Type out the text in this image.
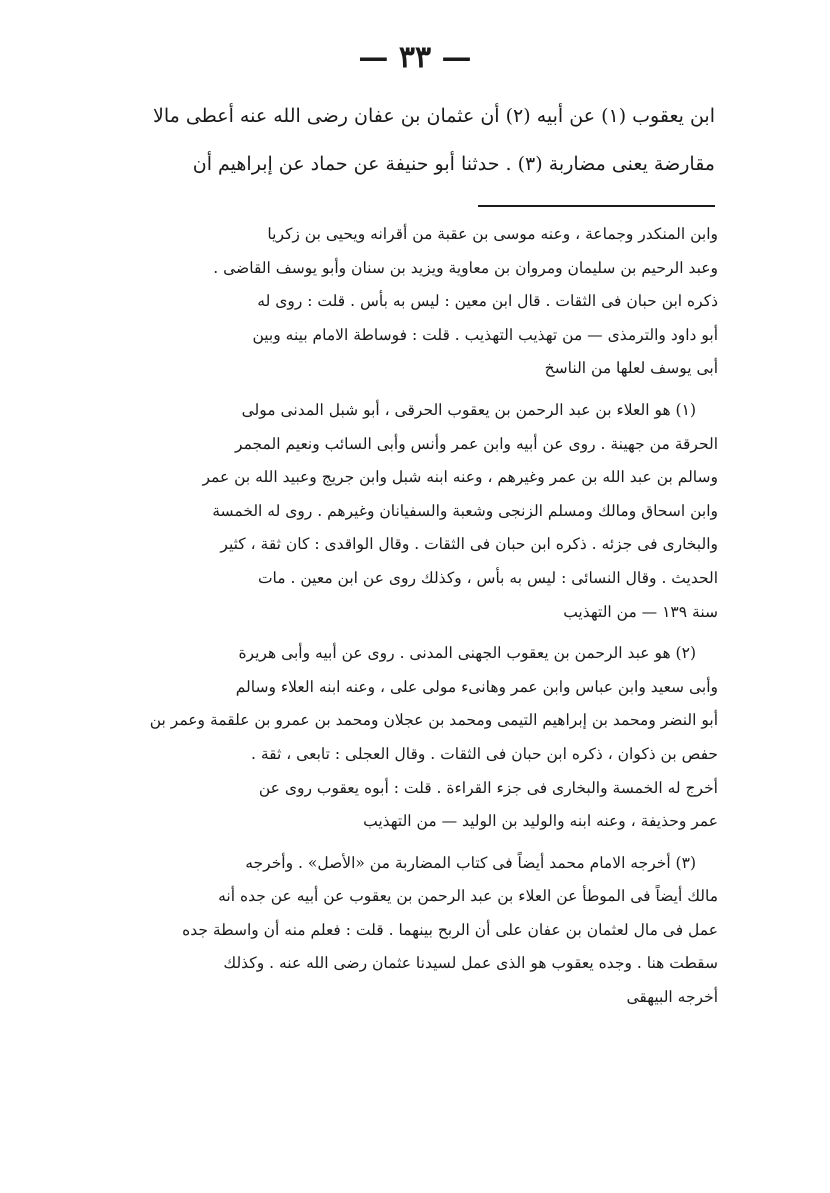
— ٣٣ —
ابن يعقوب (١) عن أبيه (٢) أن عثمان بن عفان رضى الله عنه أعطى مالا
مقارضة يعنى مضاربة (٣) . حدثنا أبو حنيفة عن حماد عن إبراهيم أن
وابن المنكدر وجماعة ، وعنه موسى بن عقبة من أقرانه ويحيى بن زكريا
وعبد الرحيم بن سليمان ومروان بن معاوية ويزيد بن سنان وأبو يوسف القاضى .
ذكره ابن حبان فى الثقات . قال ابن معين : ليس به بأس . قلت : روى له
أبو داود والترمذى — من تهذيب التهذيب . قلت : فوساطة الامام بينه وبين
أبى يوسف لعلها من الناسخ
(١) هو العلاء بن عبد الرحمن بن يعقوب الحرقى ، أبو شبل المدنى مولى
الحرقة من جهينة . روى عن أبيه وابن عمر وأنس وأبى السائب ونعيم المجمر
وسالم بن عبد الله بن عمر وغيرهم ، وعنه ابنه شبل وابن جريج وعبيد الله بن عمر
وابن اسحاق ومالك ومسلم الزنجى وشعبة والسفيانان وغيرهم . روى له الخمسة
والبخارى فى جزئه . ذكره ابن حبان فى الثقات . وقال الواقدى : كان ثقة ، كثير
الحديث . وقال النسائى : ليس به بأس ، وكذلك روى عن ابن معين . مات
سنة ١٣٩ — من التهذيب
(٢) هو عبد الرحمن بن يعقوب الجهنى المدنى . روى عن أبيه وأبى هريرة
وأبى سعيد وابن عباس وابن عمر وهانىء مولى على ، وعنه ابنه العلاء وسالم
أبو النضر ومحمد بن إبراهيم التيمى ومحمد بن عجلان ومحمد بن عمرو بن علقمة وعمر بن
حفص بن ذكوان ، ذكره ابن حبان فى الثقات . وقال العجلى : تابعى ، ثقة .
أخرج له الخمسة والبخارى فى جزء القراءة . قلت : أبوه يعقوب روى عن
عمر وحذيفة ، وعنه ابنه والوليد بن الوليد — من التهذيب
(٣) أخرجه الامام محمد أيضاً فى كتاب المضاربة من «الأصل» . وأخرجه
مالك أيضاً فى الموطأ عن العلاء بن عبد الرحمن بن يعقوب عن أبيه عن جده أنه
عمل فى مال لعثمان بن عفان على أن الربح بينهما . قلت : فعلم منه أن واسطة جده
سقطت هنا . وجده يعقوب هو الذى عمل لسيدنا عثمان رضى الله عنه . وكذلك
أخرجه البيهقى
